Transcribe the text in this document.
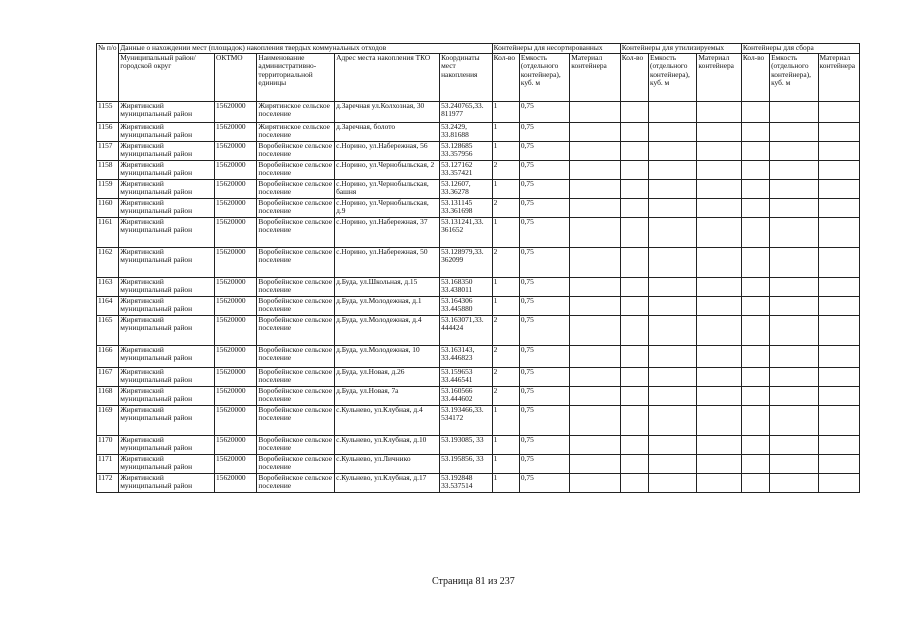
№ п/о	Данные о нахождении мест (площадок) накопления твердых коммунальных отходов					Контейнеры для несортированных			Контейнеры для утилизируемых			Контейнеры для сбора		
	Муниципальный район/городской округ	ОКТМО	Наименование административно-территориальной единицы	Адрес места накопления ТКО	Координаты мест накопления	Кол-во	Емкость (отдельного контейнера), куб. м	Материал контейнера	Кол-во	Емкость (отдельного контейнера), куб. м	Материал контейнера	Кол-во	Емкость (отдельного контейнера), куб. м	Материал контейнера
1155	Жирятинский муниципальный район	15620000	Жирятинское сельское поселение	д.Заречная ул.Колхозная, 30	53.240765,33. 811977	1	0,75							
1156	Жирятинский муниципальный район	15620000	Жирятинское сельское поселение	д.Заречная, болото	53.2429, 33.81688	1	0,75							
1157	Жирятинский муниципальный район	15620000	Воробейнское сельское поселение	с.Норино, ул.Набережная, 56	53.128685 33.357956	1	0,75							
1158	Жирятинский муниципальный район	15620000	Воробейнское сельское поселение	с.Норино, ул.Чернобыльская, 2	53.127162 33.357421	2	0,75							
1159	Жирятинский муниципальный район	15620000	Воробейнское сельское поселение	с.Норино, ул.Чернобыльская, башня	53.12607, 33.36278	1	0,75							
1160	Жирятинский муниципальный район	15620000	Воробейнское сельское поселение	с.Норино, ул.Чернобыльская, д.9	53.131145 33.361698	2	0,75							
1161	Жирятинский муниципальный район	15620000	Воробейнское сельское поселение	с.Норино, ул.Набережная, 37	53.131241,33. 361652	1	0,75							
1162	Жирятинский муниципальный район	15620000	Воробейнское сельское поселение	с.Норино, ул.Набережная, 50	53.128979,33. 362099	2	0,75							
1163	Жирятинский муниципальный район	15620000	Воробейнское сельское поселение	д.Буда, ул.Школьная, д.15	53.168350 33.438011	1	0,75							
1164	Жирятинский муниципальный район	15620000	Воробейнское сельское поселение	д.Буда, ул.Молодежная, д.1	53.164306 33.445880	1	0,75							
1165	Жирятинский муниципальный район	15620000	Воробейнское сельское поселение	д.Буда, ул.Молодежная, д.4	53.163071,33. 444424	2	0,75							
1166	Жирятинский муниципальный район	15620000	Воробейнское сельское поселение	д.Буда, ул.Молодежная, 10	53.163143, 33.446823	2	0,75							
1167	Жирятинский муниципальный район	15620000	Воробейнское сельское поселение	д.Буда, ул.Новая, д.26	53.159653 33.446541	2	0,75							
1168	Жирятинский муниципальный район	15620000	Воробейнское сельское поселение	д.Буда, ул.Новая, 7а	53.160566 33.444602	2	0,75							
1169	Жирятинский муниципальный район	15620000	Воробейнское сельское поселение	с.Кульнево, ул.Клубная, д.4	53.193466,33. 534172	1	0,75							
1170	Жирятинский муниципальный район	15620000	Воробейнское сельское поселение	с.Кульнево, ул.Клубная, д.10	53.193085, 33	1	0,75							
1171	Жирятинский муниципальный район	15620000	Воробейнское сельское поселение	с.Кульнево, ул.Личнико	53.195856, 33	1	0,75							
1172	Жирятинский муниципальный район	15620000	Воробейнское сельское поселение	с.Кульнево, ул.Клубная, д.17	53.192848 33.537514	1	0,75							
Страница 81 из 237
